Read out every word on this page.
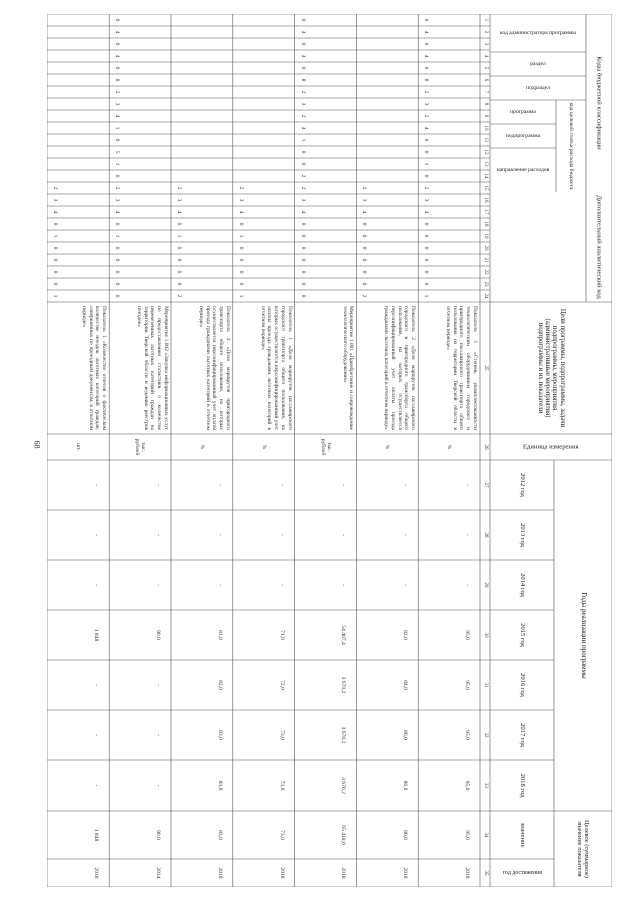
68
Коды бюджетной классификации
Дополнительный аналитический код
код администратора программы
раздел
подраздел
код целевой статьи расхода бюджета
программа
подпрограмма
направление расходов
Цели программы, подпрограммы, задачи подпрограммы, мероприятия (административные мероприятия) подпрограммы и их показатели
Единица измерения
Годы реализации программы
Целевое (суммарное) значение показателя
2012 год
2013 год
2014 год
2015 год
2016 год
2017 год
2018 год
значение
год достижения
1
2
3
4
5
6
7
8
9
10
11
12
13
14
15
16
17
18
19
20
21
22
23
24
25
26
27
28
29
30
31
32
33
34
35
0
4
0
4
0
8
2
3
2
4
0
0
1
0
2
3
4
0
0
0
0
0
0
1
Показатель 1 «Степень укомплектованности технологическим оборудованием городского и пригородного пассажирского транспорта общего пользования на территории Тверской области в отчетном периоде»
%
-
-
-
95,0
95,0
95,0
95,0
95,0
2018
2
3
4
0
0
0
0
0
0
2
Показатель 2 «Доля маршрутов пассажирского городского и пригородного транспорта общего пользования, на которых осуществляется персонифицированный учет оплаты проезда гражданами льготных категорий в отчетном периоде»
%
-
-
-
82,0
84,0
86,0
86,0
86,0
2018
0
4
0
4
0
8
2
3
2
4
1
0
0
2
2
3
4
0
0
0
0
0
0
0
Мероприятие 1.001 «Приобретение и сопровождение технологического оборудования»
тыс. рублей
-
-
-
54 407,4
3 670,2
3 670,2
3 670,2
65 418,0
2018
2
3
4
0
1
0
0
0
0
1
Показатель 1 «Доля маршрутов пассажирского городского транспорта общего пользования, на которых осуществляется персонифицированный учет оплаты проезда гражданами льготных категорий в отчетном периоде»
%
-
-
-
71,0
72,0
73,0
73,0
73,0
2018
2
3
4
0
1
0
0
0
0
2
Показатель 2 «Доля маршрутов пригородного транспорта общего пользования, на которых осуществляется персонифицированный учет оплаты проезда гражданами льготных категорий в отчетном периоде»
%
-
-
-
81,0
82,0
83,0
83,0
83,0
2018
0
4
0
4
0
8
2
3
4
1
0
5
1
0
2
3
4
0
1
0
0
0
0
0
Мероприятие 1.002 «Закупка информационных услуг по предоставлению статистики о количестве перевезенных льготных категорий граждан на территории Тверской области и ведению реестров поездок»
тыс. рублей
-
-
-
90,0
-
-
-
90,0
2014
2
3
4
0
1
0
0
0
0
1
Показатель 1 «Количество отчетов о фактическом количестве поездок льготных категорий граждан, совершенных по проездным документам, в отчетном периоде»
шт.
-
-
-
1 848
-
-
-
1 848
2018
